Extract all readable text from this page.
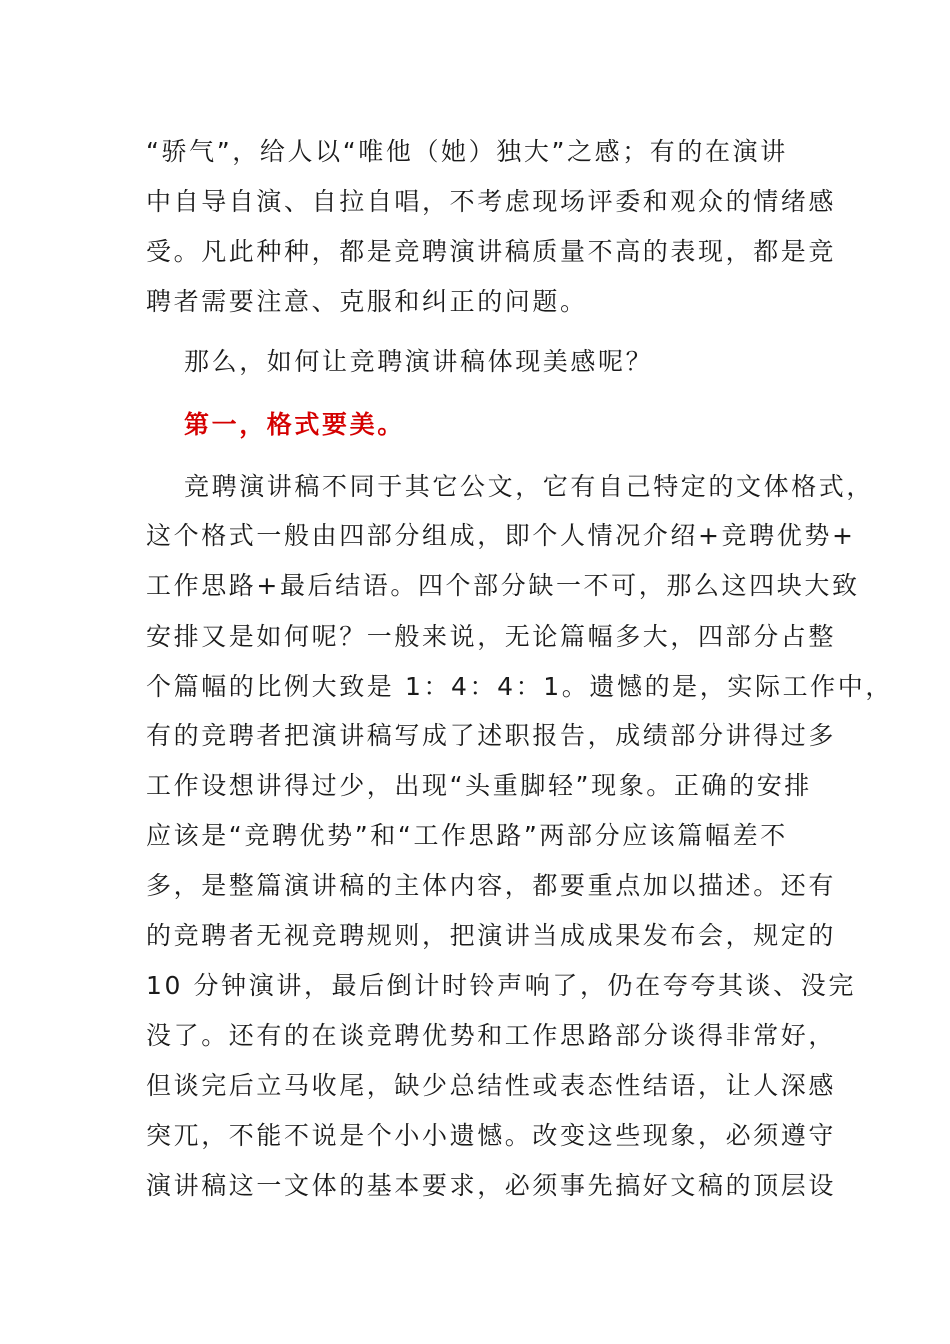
“骄气”，给人以“唯他（她）独大”之感；有的在演讲
中自导自演、自拉自唱，不考虑现场评委和观众的情绪感
受。凡此种种，都是竞聘演讲稿质量不高的表现，都是竞
聘者需要注意、克服和纠正的问题。
那么，如何让竞聘演讲稿体现美感呢？
第一，格式要美。
竞聘演讲稿不同于其它公文，它有自己特定的文体格式，
这个格式一般由四部分组成，即个人情况介绍+竞聘优势+
工作思路+最后结语。四个部分缺一不可，那么这四块大致
安排又是如何呢？一般来说，无论篇幅多大，四部分占整
个篇幅的比例大致是 1：4：4：1。遗憾的是，实际工作中，
有的竞聘者把演讲稿写成了述职报告，成绩部分讲得过多
工作设想讲得过少，出现“头重脚轻”现象。正确的安排
应该是“竞聘优势”和“工作思路”两部分应该篇幅差不
多，是整篇演讲稿的主体内容，都要重点加以描述。还有
的竞聘者无视竞聘规则，把演讲当成成果发布会，规定的
10 分钟演讲，最后倒计时铃声响了，仍在夸夸其谈、没完
没了。还有的在谈竞聘优势和工作思路部分谈得非常好，
但谈完后立马收尾，缺少总结性或表态性结语，让人深感
突兀，不能不说是个小小遗憾。改变这些现象，必须遵守
演讲稿这一文体的基本要求，必须事先搞好文稿的顶层设
